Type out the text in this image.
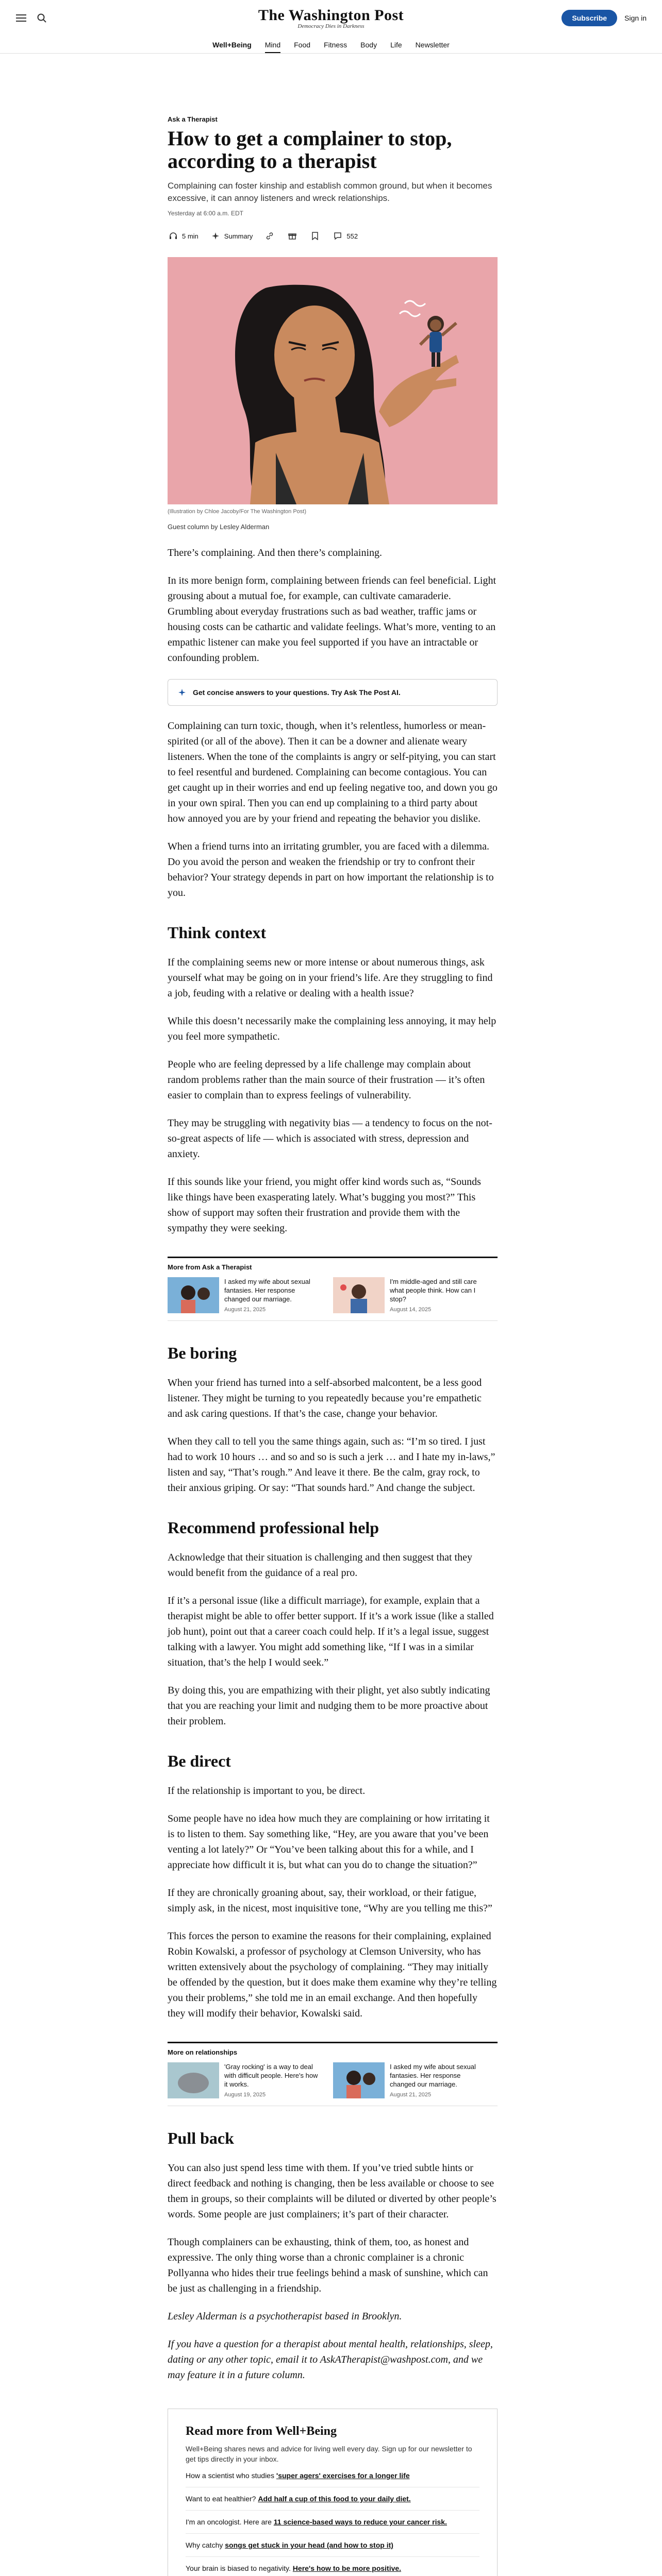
The Washington Post
Democracy Dies in Darkness
Subscribe	Sign in
Well+Being Mind Food Fitness Body Life Newsletter
Ask a Therapist
How to get a complainer to stop, according to a therapist

Complaining can foster kinship and establish common ground, but when it becomes excessive, it can annoy listeners and wreck relationships.

Yesterday at 6:00 a.m. EDT
5 min	Summary	552
(Illustration by Chloe Jacoby/For The Washington Post)
Guest column by Lesley Alderman

There’s complaining. And then there’s complaining.

In its more benign form, complaining between friends can feel beneficial. Light grousing about a mutual foe, for example, can cultivate camaraderie. Grumbling about everyday frustrations such as bad weather, traffic jams or housing costs can be cathartic and validate feelings. What’s more, venting to an empathic listener can make you feel supported if you have an intractable or confounding problem.

Get concise answers to your questions. Try Ask The Post AI.

Complaining can turn toxic, though, when it’s relentless, humorless or mean-spirited (or all of the above). Then it can be a downer and alienate weary listeners. When the tone of the complaints is angry or self-pitying, you can start to feel resentful and burdened. Complaining can become contagious. You can get caught up in their worries and end up feeling negative too, and down you go in your own spiral. Then you can end up complaining to a third party about how annoyed you are by your friend and repeating the behavior you dislike.

When a friend turns into an irritating grumbler, you are faced with a dilemma. Do you avoid the person and weaken the friendship or try to confront their behavior? Your strategy depends in part on how important the relationship is to you.

Think context

If the complaining seems new or more intense or about numerous things, ask yourself what may be going on in your friend’s life. Are they struggling to find a job, feuding with a relative or dealing with a health issue?

While this doesn’t necessarily make the complaining less annoying, it may help you feel more sympathetic.

People who are feeling depressed by a life challenge may complain about random problems rather than the main source of their frustration — it’s often easier to complain than to express feelings of vulnerability.

They may be struggling with negativity bias — a tendency to focus on the not-so-great aspects of life — which is associated with stress, depression and anxiety.

If this sounds like your friend, you might offer kind words such as, “Sounds like things have been exasperating lately. What’s bugging you most?” This show of support may soften their frustration and provide them with the sympathy they were seeking.

More from Ask a Therapist
I asked my wife about sexual fantasies. Her response changed our marriage.
August 21, 2025
I'm middle-aged and still care what people think. How can I stop?
August 14, 2025
Be boring

When your friend has turned into a self-absorbed malcontent, be a less good listener. They might be turning to you repeatedly because you’re empathetic and ask caring questions. If that’s the case, change your behavior.

When they call to tell you the same things again, such as: “I’m so tired. I just had to work 10 hours … and so and so is such a jerk … and I hate my in-laws,” listen and say, “That’s rough.” And leave it there. Be the calm, gray rock, to their anxious griping. Or say: “That sounds hard.” And change the subject.

Recommend professional help

Acknowledge that their situation is challenging and then suggest that they would benefit from the guidance of a real pro.

If it’s a personal issue (like a difficult marriage), for example, explain that a therapist might be able to offer better support. If it’s a work issue (like a stalled job hunt), point out that a career coach could help. If it’s a legal issue, suggest talking with a lawyer. You might add something like, “If I was in a similar situation, that’s the help I would seek.”

By doing this, you are empathizing with their plight, yet also subtly indicating that you are reaching your limit and nudging them to be more proactive about their problem.

Be direct

If the relationship is important to you, be direct.

Some people have no idea how much they are complaining or how irritating it is to listen to them. Say something like, “Hey, are you aware that you’ve been venting a lot lately?” Or “You’ve been talking about this for a while, and I appreciate how difficult it is, but what can you do to change the situation?”

If they are chronically groaning about, say, their workload, or their fatigue, simply ask, in the nicest, most inquisitive tone, “Why are you telling me this?”

This forces the person to examine the reasons for their complaining, explained Robin Kowalski, a professor of psychology at Clemson University, who has written extensively about the psychology of complaining. “They may initially be offended by the question, but it does make them examine why they’re telling you their problems,” she told me in an email exchange. And then hopefully they will modify their behavior, Kowalski said.

More on relationships
'Gray rocking' is a way to deal with difficult people. Here's how it works.
August 19, 2025
I asked my wife about sexual fantasies. Her response changed our marriage.
August 21, 2025
Pull back

You can also just spend less time with them. If you’ve tried subtle hints or direct feedback and nothing is changing, then be less available or choose to see them in groups, so their complaints will be diluted or diverted by other people’s words. Some people are just complainers; it’s part of their character.

Though complainers can be exhausting, think of them, too, as honest and expressive. The only thing worse than a chronic complainer is a chronic Pollyanna who hides their true feelings behind a mask of sunshine, which can be just as challenging in a friendship.

Lesley Alderman is a psychotherapist based in Brooklyn.

If you have a question for a therapist about mental health, relationships, sleep, dating or any other topic, email it to AskATherapist@washpost.com, and we may feature it in a future column.

Read more from Well+Being

Well+Being shares news and advice for living well every day. Sign up for our newsletter to get tips directly in your inbox.

How a scientist who studies 'super agers' exercises for a longer life
Want to eat healthier? Add half a cup of this food to your daily diet.
I'm an oncologist. Here are 11 science-based ways to reduce your cancer risk.
Why catchy songs get stuck in your head (and how to stop it)
Your brain is biased to negativity. Here's how to be more positive.
